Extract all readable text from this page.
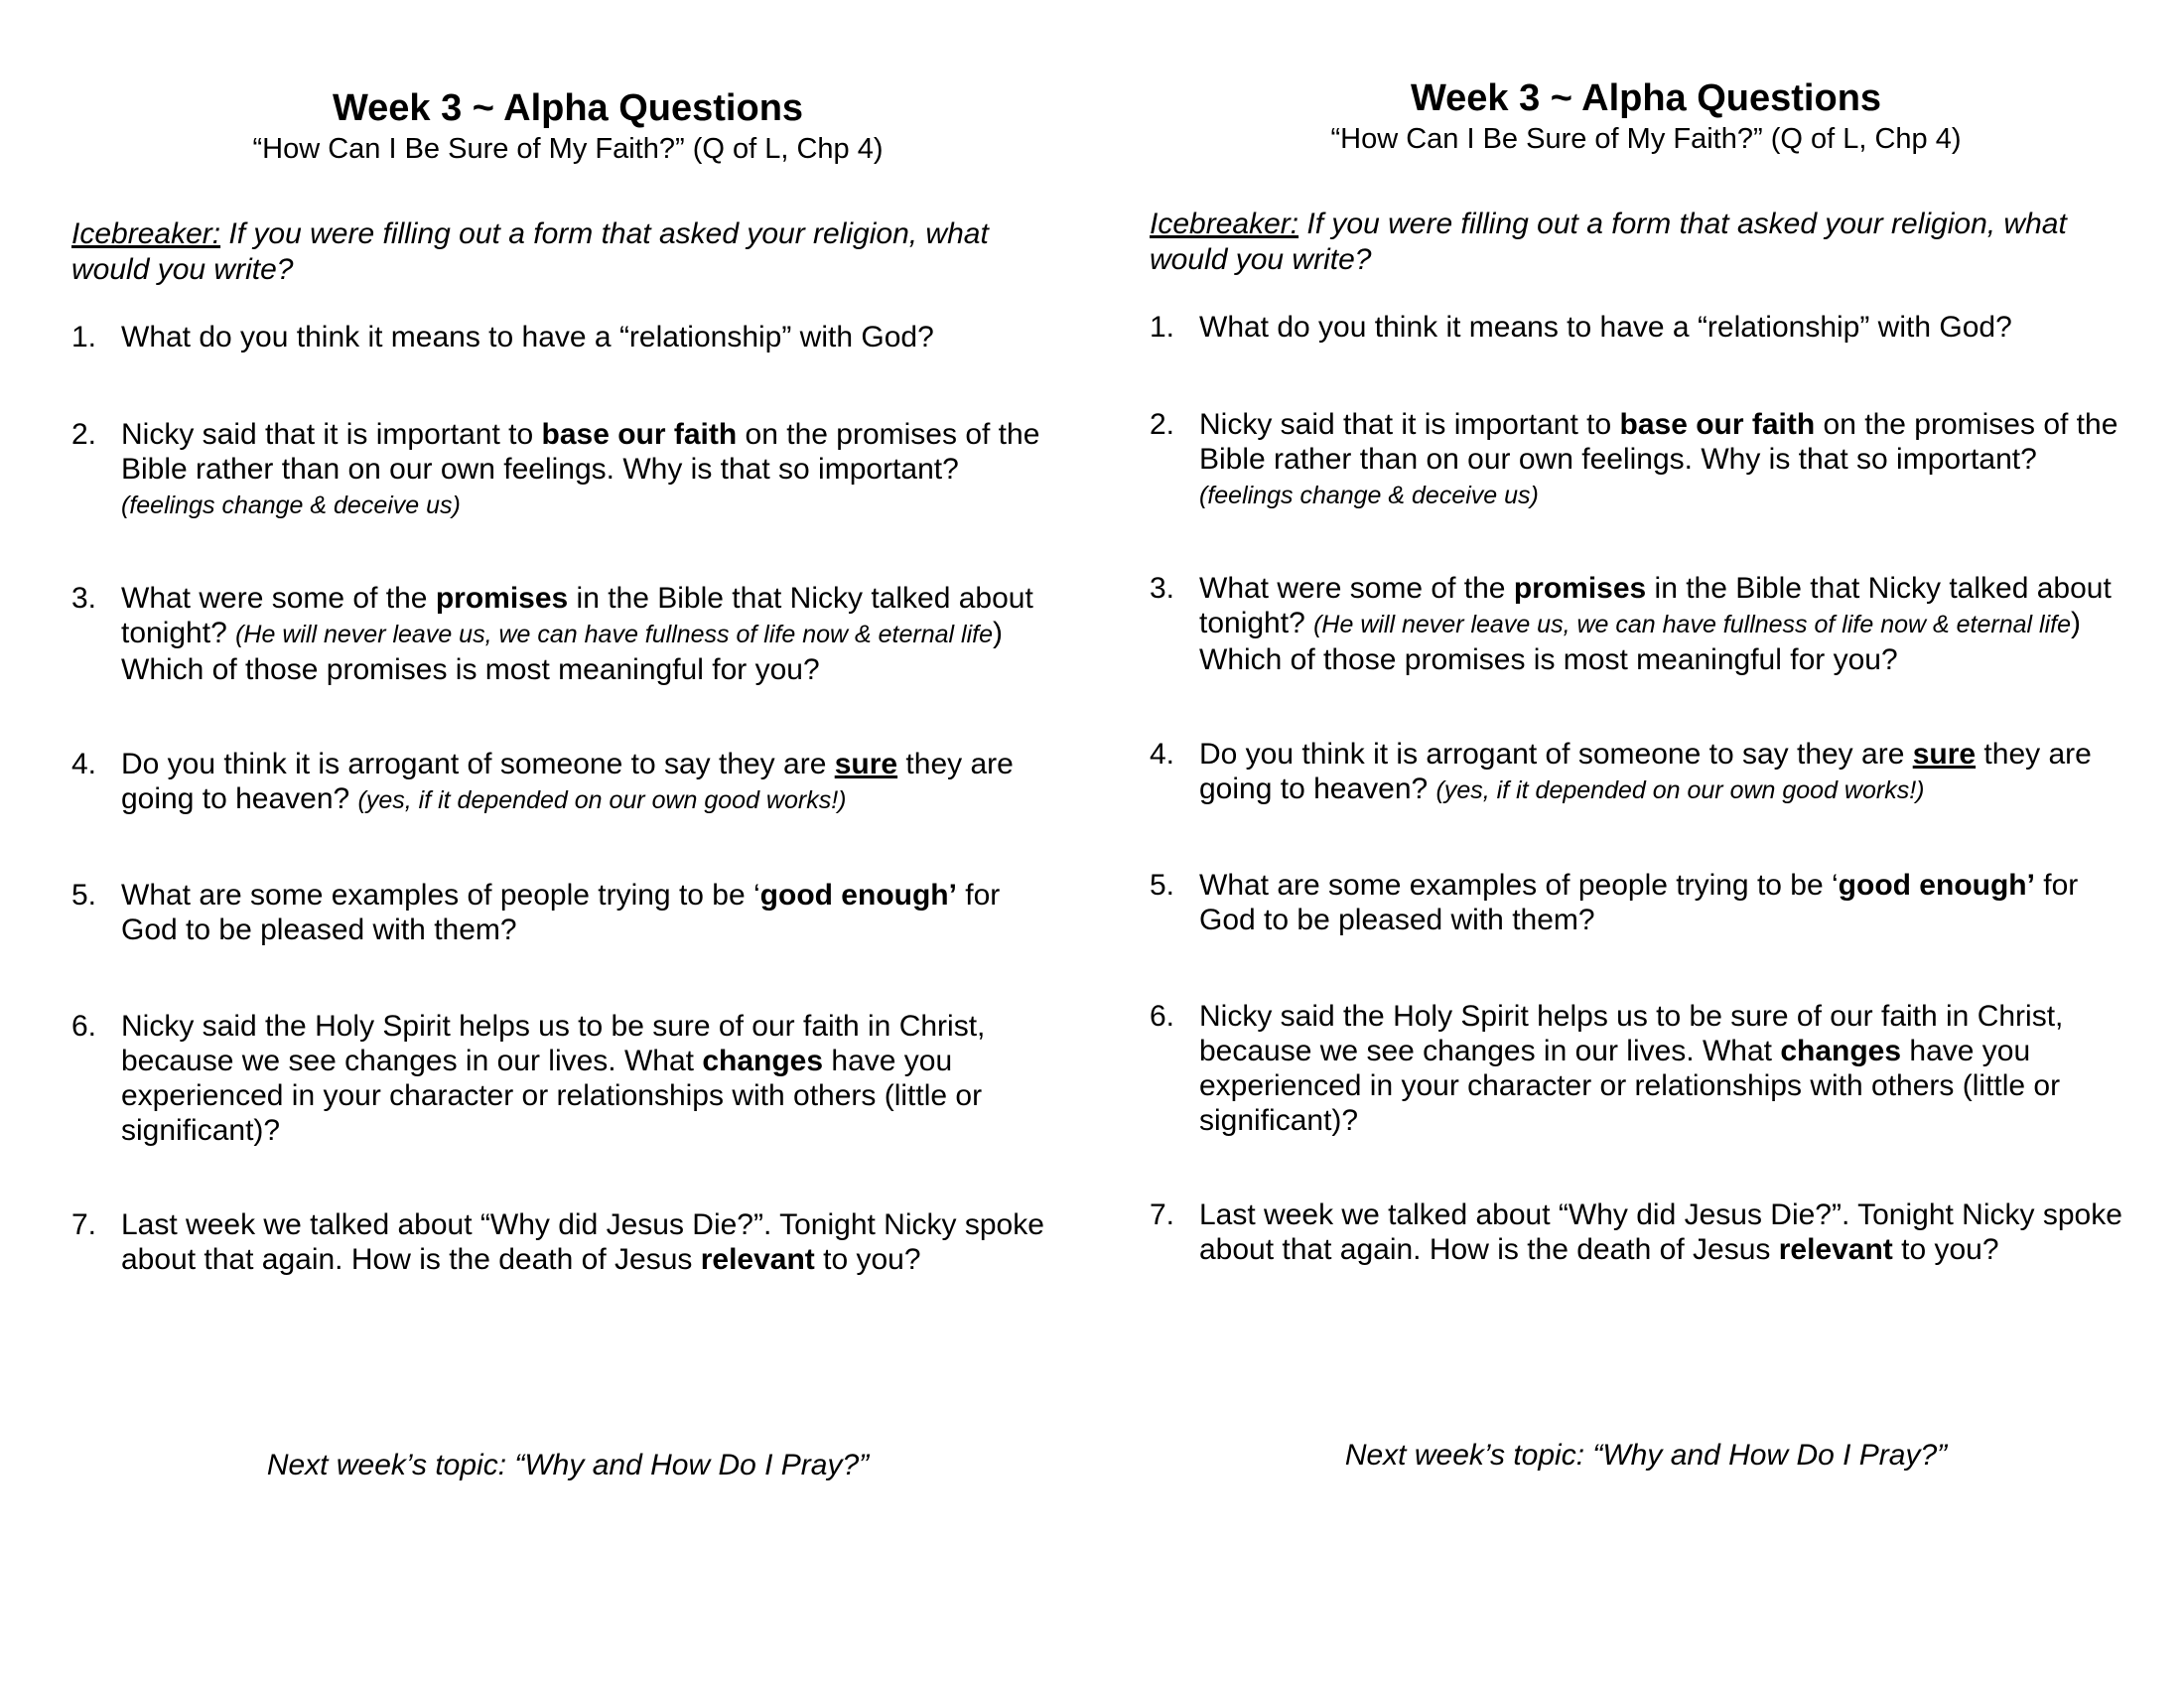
Week 3 ~ Alpha Questions
“How Can I Be Sure of My Faith?” (Q of L, Chp 4)
Icebreaker: If you were filling out a form that asked your religion, what would you write?
1. What do you think it means to have a “relationship” with God?
2. Nicky said that it is important to base our faith on the promises of the Bible rather than on our own feelings. Why is that so important?
(feelings change & deceive us)
3. What were some of the promises in the Bible that Nicky talked about tonight? (He will never leave us, we can have fullness of life now & eternal life) Which of those promises is most meaningful for you?
4. Do you think it is arrogant of someone to say they are sure they are going to heaven? (yes, if it depended on our own good works!)
5. What are some examples of people trying to be ‘good enough’ for God to be pleased with them?
6. Nicky said the Holy Spirit helps us to be sure of our faith in Christ, because we see changes in our lives. What changes have you experienced in your character or relationships with others (little or significant)?
7. Last week we talked about “Why did Jesus Die?”. Tonight Nicky spoke about that again. How is the death of Jesus relevant to you?
Next week’s topic: “Why and How Do I Pray?”
Week 3 ~ Alpha Questions
“How Can I Be Sure of My Faith?” (Q of L, Chp 4)
Icebreaker: If you were filling out a form that asked your religion, what would you write?
1. What do you think it means to have a “relationship” with God?
2. Nicky said that it is important to base our faith on the promises of the Bible rather than on our own feelings. Why is that so important?
(feelings change & deceive us)
3. What were some of the promises in the Bible that Nicky talked about tonight? (He will never leave us, we can have fullness of life now & eternal life) Which of those promises is most meaningful for you?
4. Do you think it is arrogant of someone to say they are sure they are going to heaven? (yes, if it depended on our own good works!)
5. What are some examples of people trying to be ‘good enough’ for God to be pleased with them?
6. Nicky said the Holy Spirit helps us to be sure of our faith in Christ, because we see changes in our lives. What changes have you experienced in your character or relationships with others (little or significant)?
7. Last week we talked about “Why did Jesus Die?”. Tonight Nicky spoke about that again. How is the death of Jesus relevant to you?
Next week’s topic: “Why and How Do I Pray?”
